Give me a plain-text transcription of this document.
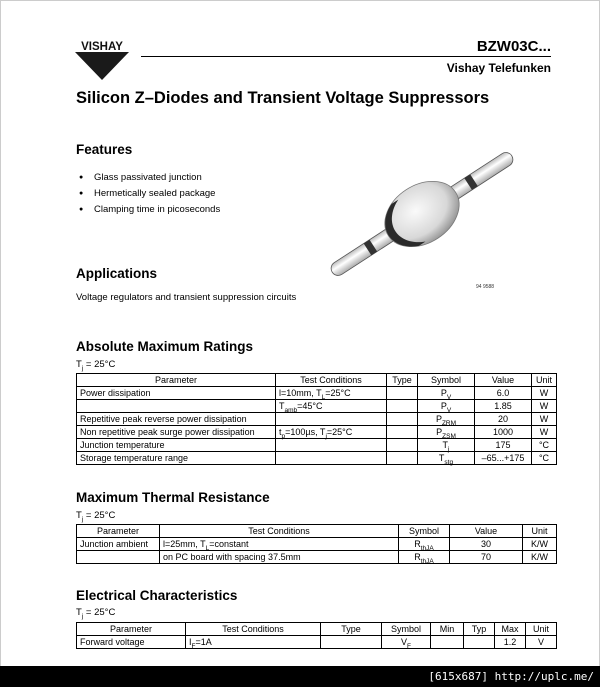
VISHAY	BZW03C...
Vishay Telefunken
Silicon Z–Diodes and Transient Voltage Suppressors
Features
● Glass passivated junction
● Hermetically sealed package
● Clamping time in picoseconds
94 9588
Applications
Voltage regulators and transient suppression circuits
Absolute Maximum Ratings
$T_j = 25^\circ C$
Parameter	Test Conditions	Type	Symbol	Value	Unit
Power dissipation	l=10mm, $T_L=25^\circ C$		$P_V$	6.0	W
	$T_{amb}=45^\circ C$		$P_V$	1.85	W
Repetitive peak reverse power dissipation			$P_{ZRM}$	20	W
Non repetitive peak surge power dissipation	$t_p=100\mu s$, $T_j=25^\circ C$		$P_{ZSM}$	1000	W
Junction temperature			$T_j$	175	°C
Storage temperature range			$T_{stg}$	–65...+175	°C
Maximum Thermal Resistance
$T_j = 25^\circ C$
Parameter	Test Conditions	Symbol	Value	Unit
Junction ambient	l=25mm, $T_L=constant$	$R_{thJA}$	30	K/W
	on PC board with spacing 37.5mm	$R_{thJA}$	70	K/W
Electrical Characteristics
$T_j = 25^\circ C$
Parameter	Test Conditions	Type	Symbol	Min	Typ	Max	Unit
Forward voltage	$I_F=1A$		$V_F$			1.2	V
[615x687] http://uplc.me/
